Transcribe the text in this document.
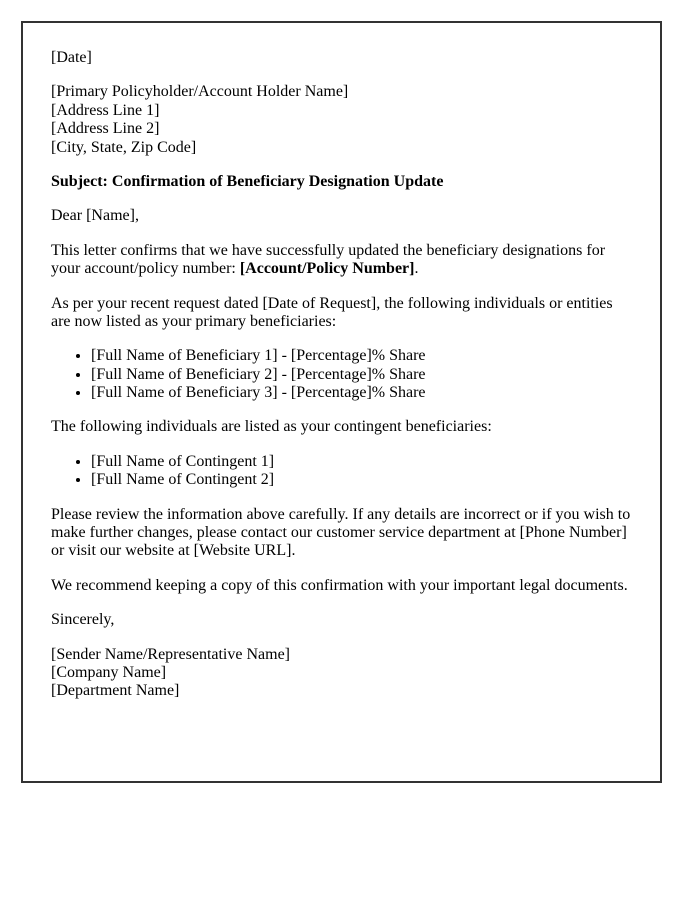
[Date]

[Primary Policyholder/Account Holder Name]
[Address Line 1]
[Address Line 2]
[City, State, Zip Code]

Subject: Confirmation of Beneficiary Designation Update

Dear [Name],

This letter confirms that we have successfully updated the beneficiary designations for your account/policy number: [Account/Policy Number].

As per your recent request dated [Date of Request], the following individuals or entities are now listed as your primary beneficiaries:

• [Full Name of Beneficiary 1] - [Percentage]% Share
• [Full Name of Beneficiary 2] - [Percentage]% Share
• [Full Name of Beneficiary 3] - [Percentage]% Share

The following individuals are listed as your contingent beneficiaries:

• [Full Name of Contingent 1]
• [Full Name of Contingent 2]

Please review the information above carefully. If any details are incorrect or if you wish to make further changes, please contact our customer service department at [Phone Number] or visit our website at [Website URL].

We recommend keeping a copy of this confirmation with your important legal documents.

Sincerely,

[Sender Name/Representative Name]
[Company Name]
[Department Name]
